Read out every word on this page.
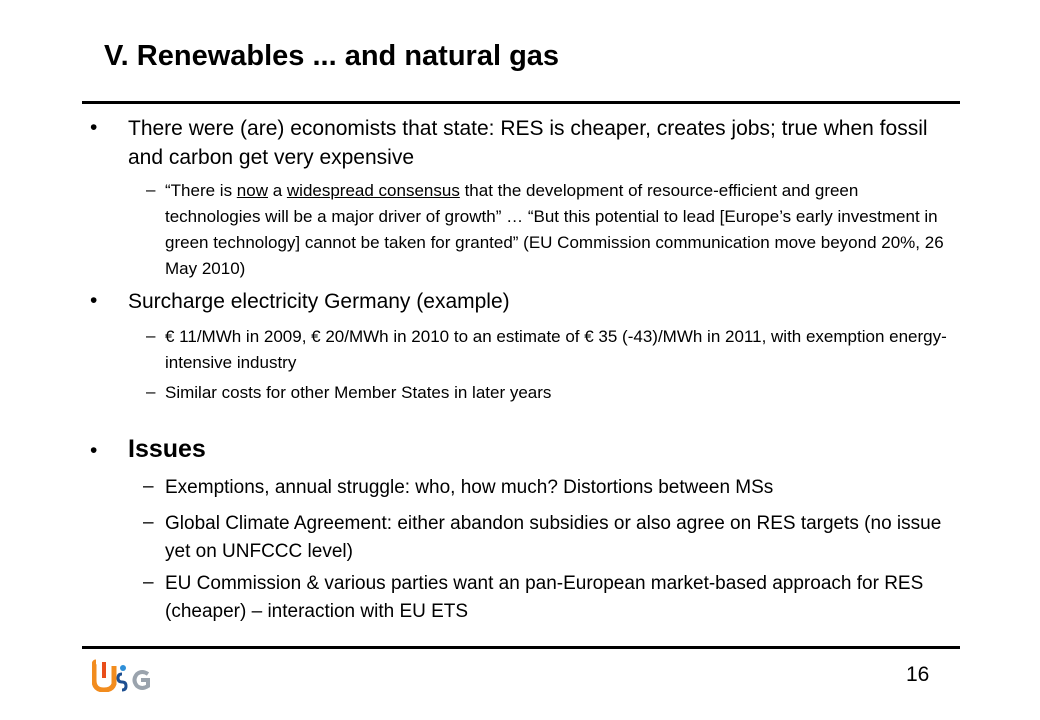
V. Renewables ... and natural gas
• There were (are) economists that state: RES is cheaper, creates jobs; true when fossil and carbon get very expensive
– “There is now a widespread consensus that the development of resource-efficient and green technologies will be a major driver of growth” … “But this potential to lead [Europe’s early investment in green technology] cannot be taken for granted” (EU Commission communication move beyond 20%, 26 May 2010)
• Surcharge electricity Germany (example)
– € 11/MWh in 2009, € 20/MWh in 2010 to an estimate of € 35 (-43)/MWh in 2011, with exemption energy-intensive industry
– Similar costs for other Member States in later years
• Issues
– Exemptions, annual struggle: who, how much? Distortions between MSs
– Global Climate Agreement: either abandon subsidies or also agree on RES targets (no issue yet on UNFCCC level)
– EU Commission & various parties want an pan-European market-based approach for RES (cheaper) – interaction with EU ETS
16
